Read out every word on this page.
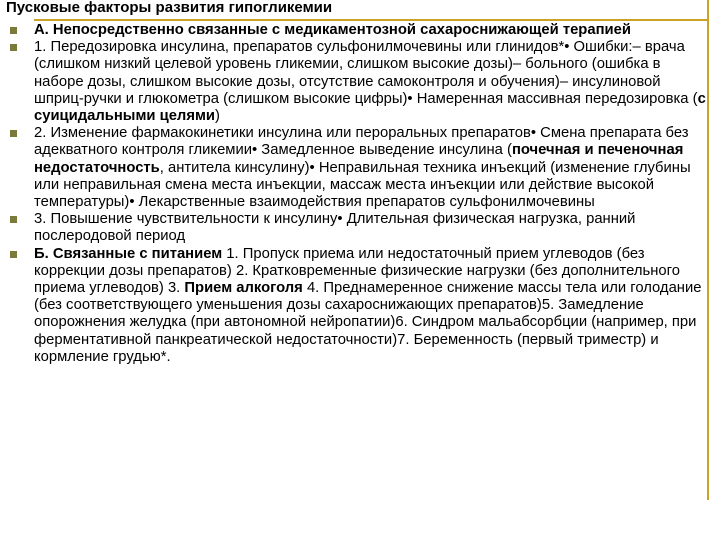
Пусковые факторы развития гипогликемии
А. Непосредственно связанные с медикаментозной сахароснижающей терапией
1. Передозировка инсулина, препаратов сульфонилмочевины или глинидов*• Ошибки:– врача (слишком низкий целевой уровень гликемии, слишком высокие дозы)– больного (ошибка в наборе дозы, слишком высокие дозы, отсутствие самоконтроля и обучения)– инсулиновой шприц-ручки и глюкометра (слишком высокие цифры)• Намеренная массивная передозировка (с суицидальными целями)
2. Изменение фармакокинетики инсулина или пероральных препаратов• Смена препарата без адекватного контроля гликемии• Замедленное выведение инсулина (почечная и печеночная недостаточность, антитела кинсулину)• Неправильная техника инъекций (изменение глубины или неправильная смена места инъекции, массаж места инъекции или действие высокой температуры)• Лекарственные взаимодействия препаратов сульфонилмочевины
3. Повышение чувствительности к инсулину• Длительная физическая нагрузка, ранний послеродовой период
Б. Связанные с питанием 1. Пропуск приема или недостаточный прием углеводов (без коррекции дозы препаратов) 2. Кратковременные физические нагрузки (без дополнительного приема углеводов) 3. Прием алкоголя 4. Преднамеренное снижение массы тела или голодание (без соответствующего уменьшения дозы сахароснижающих препаратов)5. Замедление опорожнения желудка (при автономной нейропатии)6. Синдром мальабсорбции (например, при ферментативной панкреатической недостаточности)7. Беременность (первый триместр) и кормление грудью*.
